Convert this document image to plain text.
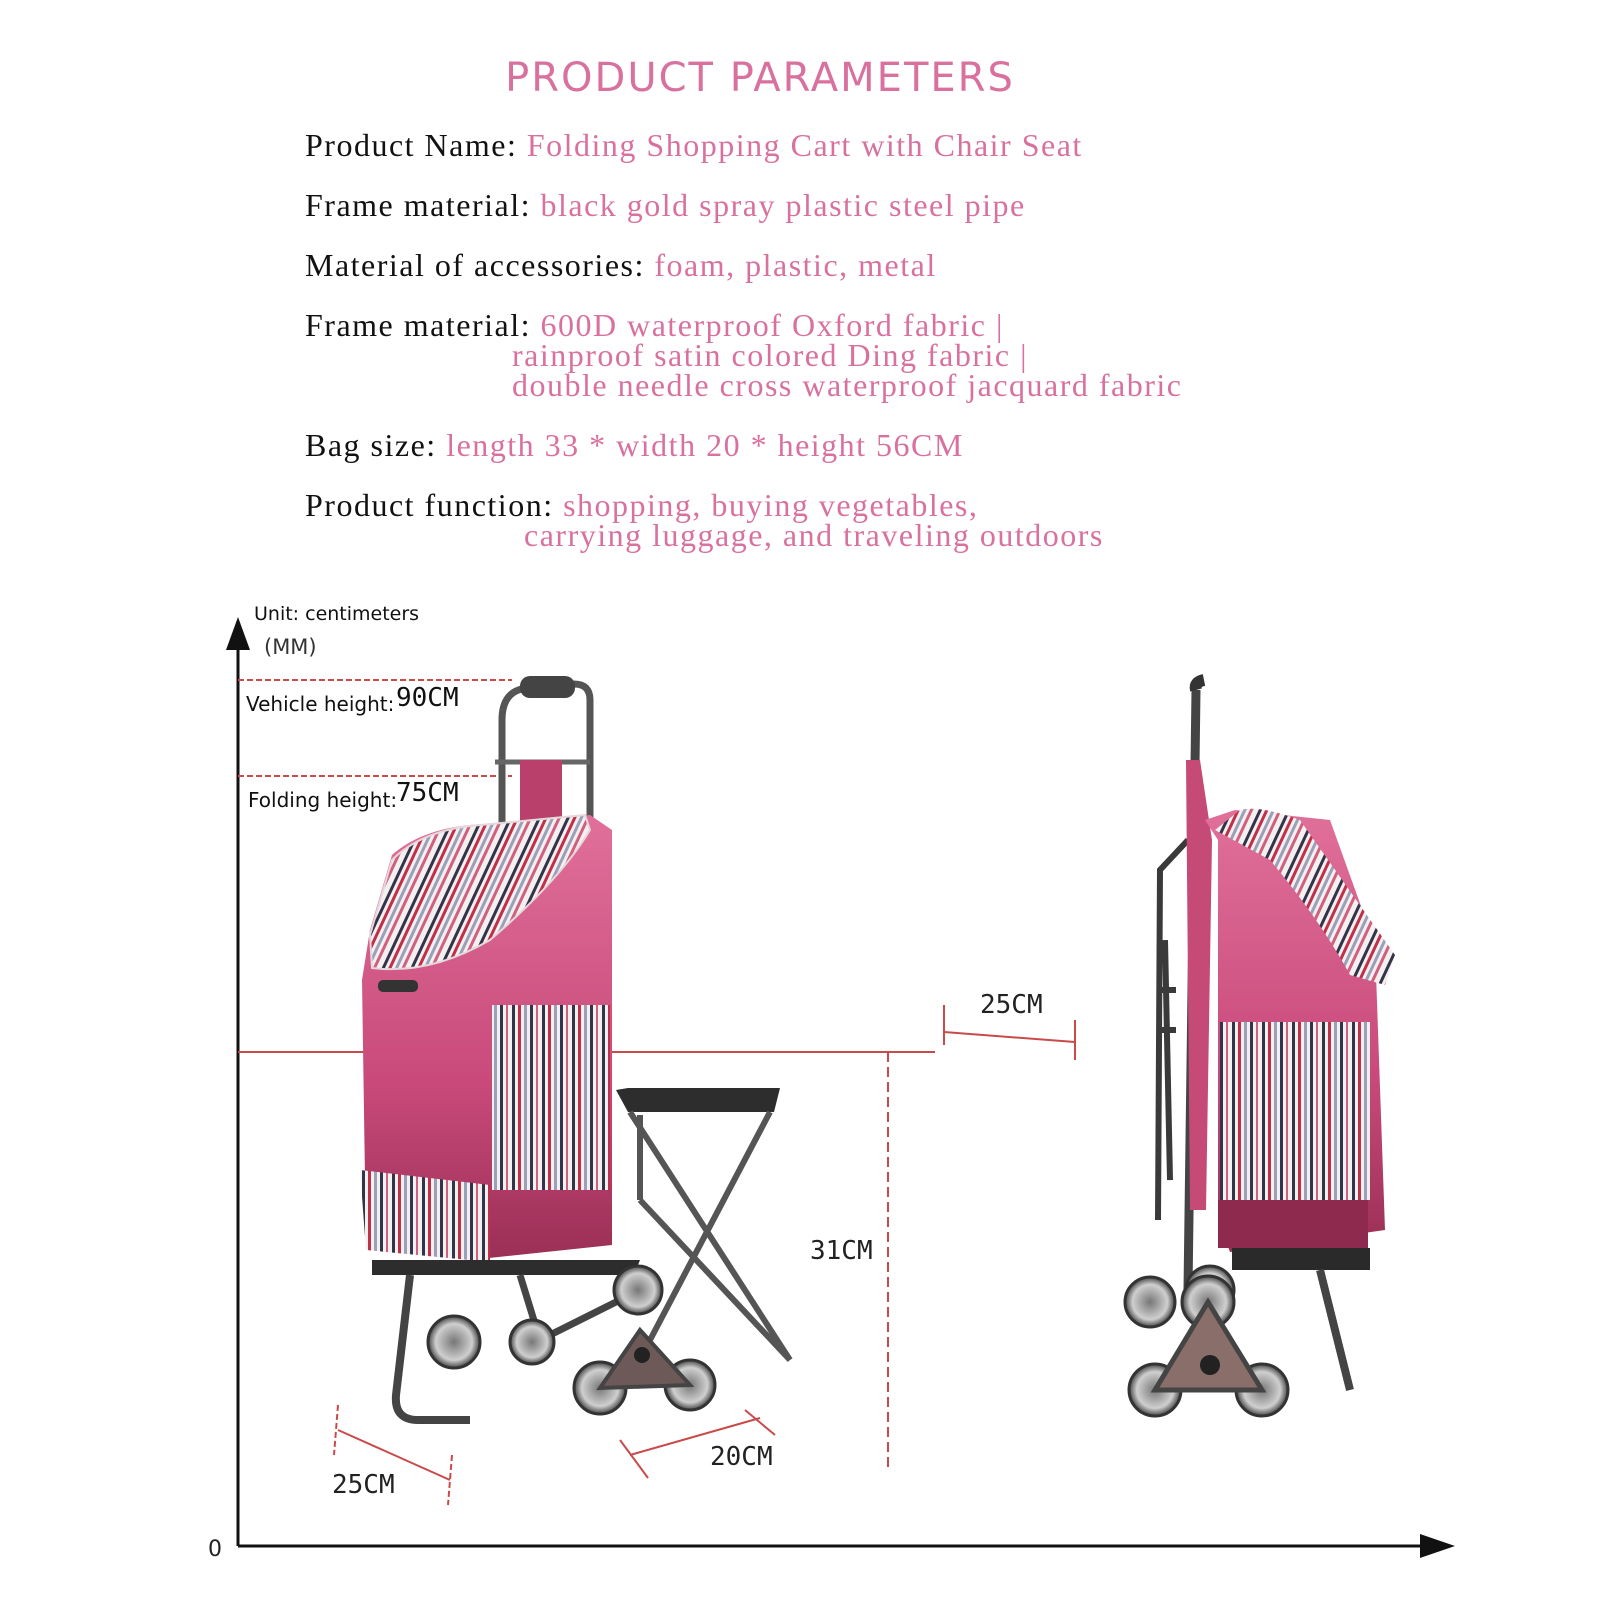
PRODUCT PARAMETERS
Product Name: Folding Shopping Cart with Chair Seat
Frame material: black gold spray plastic steel pipe
Material of accessories: foam, plastic, metal
Frame material: 600D waterproof Oxford fabric |
rainproof satin colored Ding fabric |
double needle cross waterproof jacquard fabric
Bag size: length 33 * width 20 * height 56CM
Product function: shopping, buying vegetables,
carrying luggage, and traveling outdoors
0
Unit: centimeters
(MM)
Vehicle height: 90CM
Folding height:
75CM
25CM
31CM
25CM
20CM
